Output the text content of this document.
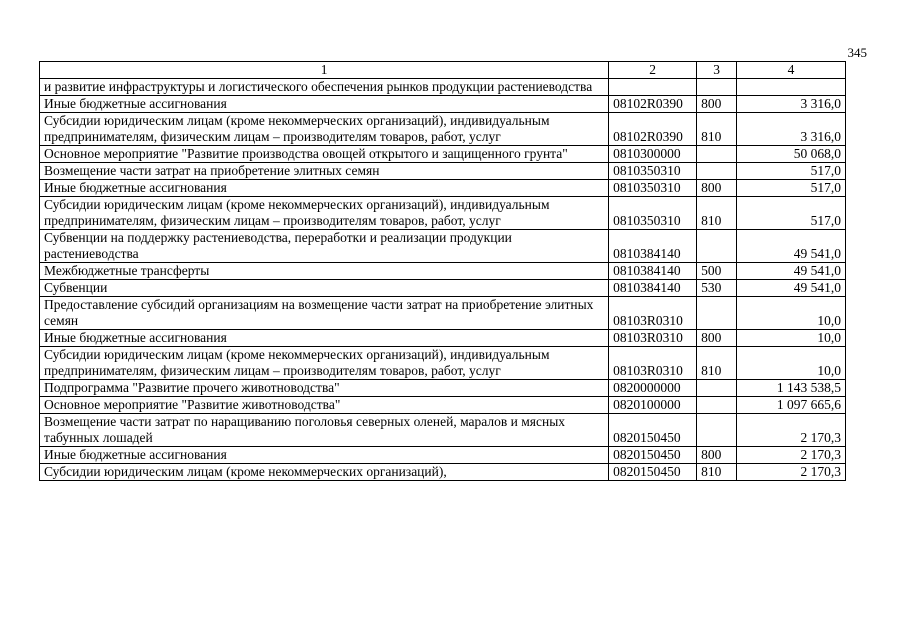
345
1	2	3	4
и развитие инфраструктуры и логистического обеспечения рынков продукции растениеводства			
Иные бюджетные ассигнования	08102R0390	800	3 316,0
Субсидии юридическим лицам (кроме некоммерческих организаций), индивидуальным предпринимателям, физическим лицам – производителям товаров, работ, услуг	08102R0390	810	3 316,0
Основное мероприятие "Развитие производства овощей открытого и защищенного грунта"	0810300000		50 068,0
Возмещение части затрат на приобретение элитных семян	0810350310		517,0
Иные бюджетные ассигнования	0810350310	800	517,0
Субсидии юридическим лицам (кроме некоммерческих организаций), индивидуальным предпринимателям, физическим лицам – производителям товаров, работ, услуг	0810350310	810	517,0
Субвенции на поддержку растениеводства, переработки и реализации продукции растениеводства	0810384140		49 541,0
Межбюджетные трансферты	0810384140	500	49 541,0
Субвенции	0810384140	530	49 541,0
Предоставление субсидий организациям на возмещение части затрат на приобретение элитных семян	08103R0310		10,0
Иные бюджетные ассигнования	08103R0310	800	10,0
Субсидии юридическим лицам (кроме некоммерческих организаций), индивидуальным предпринимателям, физическим лицам – производителям товаров, работ, услуг	08103R0310	810	10,0
Подпрограмма "Развитие прочего животноводства"	0820000000		1 143 538,5
Основное мероприятие "Развитие животноводства"	0820100000		1 097 665,6
Возмещение части затрат по наращиванию поголовья северных оленей, маралов и мясных табунных лошадей	0820150450		2 170,3
Иные бюджетные ассигнования	0820150450	800	2 170,3
Субсидии юридическим лицам (кроме некоммерческих организаций),	0820150450	810	2 170,3
